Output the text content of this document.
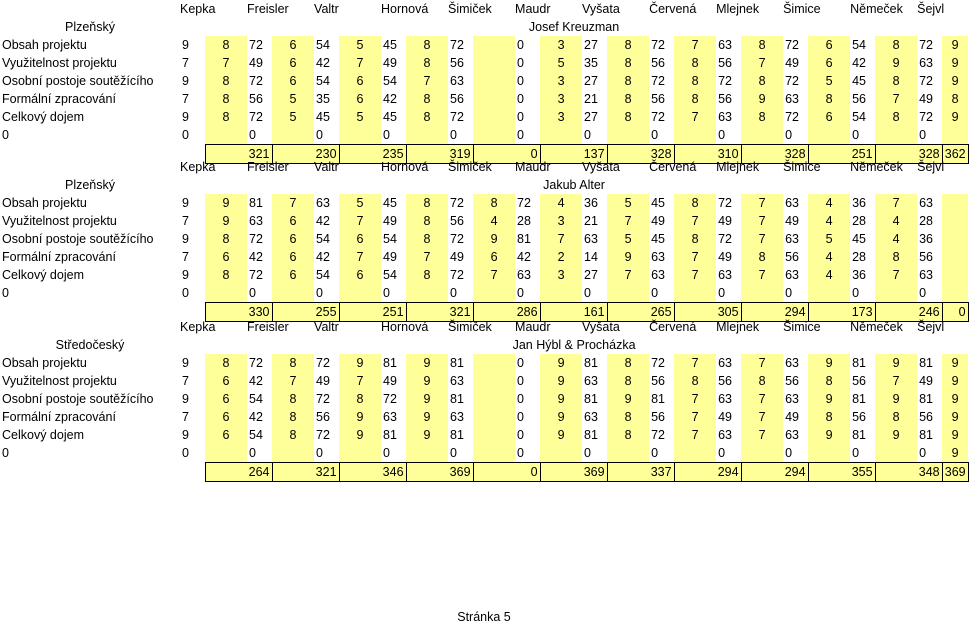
	Kepka		Freisler		Valtr		Hornová		Šimiček		Maudr		Vyšata		Červená		Mlejnek		Šimice		Němeček		Šejvl		
Plzeňský	Josef Kreuzman																								
Obsah projektu	9	8	72	6	54	5	45	8	72		0	3	27	8	72	7	63	8	72	6	54	8	72	9	
Využitelnost projektu	7	7	49	6	42	7	49	8	56		0	5	35	8	56	8	56	7	49	6	42	9	63	9	
Osobní postoje soutěžícího	9	8	72	6	54	6	54	7	63		0	3	27	8	72	8	72	8	72	5	45	8	72	9	
Formální zpracování	7	8	56	5	35	6	42	8	56		0	3	21	8	56	8	56	9	63	8	56	7	49	8	
Celkový dojem	9	8	72	5	45	5	45	8	72		0	3	27	8	72	7	63	8	72	6	54	8	72	9	
0	0		0		0		0		0		0		0		0		0		0		0		0		
		321		230		235		319		0		137		328		310		328		251		328		362	
	Kepka		Freisler		Valtr		Hornová		Šimiček		Maudr		Vyšata		Červená		Mlejnek		Šimice		Němeček		Šejvl		
Plzeňský	Jakub Alter																								
Obsah projektu	9	9	81	7	63	5	45	8	72	8	72	4	36	5	45	8	72	7	63	4	36	7	63		
Využitelnost projektu	7	9	63	6	42	7	49	8	56	4	28	3	21	7	49	7	49	7	49	4	28	4	28		
Osobní postoje soutěžícího	9	8	72	6	54	6	54	8	72	9	81	7	63	5	45	8	72	7	63	5	45	4	36		
Formální zpracování	7	6	42	6	42	7	49	7	49	6	42	2	14	9	63	7	49	8	56	4	28	8	56		
Celkový dojem	9	8	72	6	54	6	54	8	72	7	63	3	27	7	63	7	63	7	63	4	36	7	63		
0	0		0		0		0		0		0		0		0		0		0		0		0		
		330		255		251		321		286		161		265		305		294		173		246		0	
	Kepka		Freisler		Valtr		Hornová		Šimiček		Maudr		Vyšata		Červená		Mlejnek		Šimice		Němeček		Šejvl		
Středočeský	Jan Hýbl & Procházka																								
Obsah projektu	9	8	72	8	72	9	81	9	81		0	9	81	8	72	7	63	7	63	9	81	9	81	9	
Využitelnost projektu	7	6	42	7	49	7	49	9	63		0	9	63	8	56	8	56	8	56	8	56	7	49	9	
Osobní postoje soutěžícího	9	6	54	8	72	8	72	9	81		0	9	81	9	81	7	63	7	63	9	81	9	81	9	
Formální zpracování	7	6	42	8	56	9	63	9	63		0	9	63	8	56	7	49	7	49	8	56	8	56	9	
Celkový dojem	9	6	54	8	72	9	81	9	81		0	9	81	8	72	7	63	7	63	9	81	9	81	9	
0	0		0		0		0		0		0		0		0		0		0		0		0	9	
		264		321		346		369		0		369		337		294		294		355		348		369	
Stránka 5
